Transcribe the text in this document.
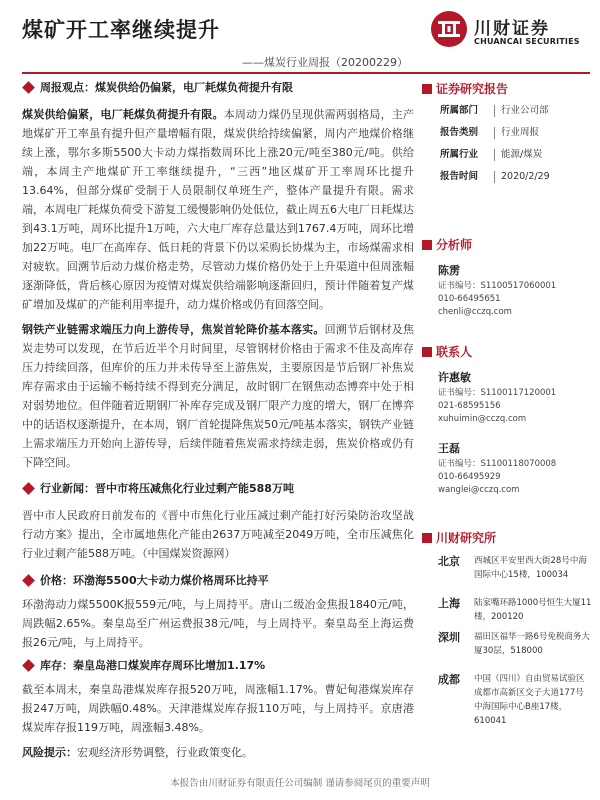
煤矿开工率继续提升
——煤炭行业周报（20200229）
川财证券
CHUANCAI SECURITIES
周报观点：煤炭供给仍偏紧，电厂耗煤负荷提升有限

煤炭供给偏紧，电厂耗煤负荷提升有限。本周动力煤仍呈现供需两弱格局，主产地煤矿开工率虽有提升但产量增幅有限，煤炭供给持续偏紧，周内产地煤价格继续上涨，鄂尔多斯5500大卡动力煤指数周环比上涨20元/吨至380元/吨。供给端，本周主产地煤矿开工率继续提升，“三西”地区煤矿开工率周环比提升13.64%，但部分煤矿受制于人员限制仅单班生产，整体产量提升有限。需求端，本周电厂耗煤负荷受下游复工缓慢影响仍处低位，截止周五6大电厂日耗煤达到43.1万吨，周环比提升1万吨，六大电厂库存总量达到1767.4万吨，周环比增加22万吨。电厂在高库存、低日耗的背景下仍以采购长协煤为主，市场煤需求相对疲软。回溯节后动力煤价格走势，尽管动力煤价格仍处于上升渠道中但周涨幅逐渐降低，背后核心原因为疫情对煤炭供给端影响逐渐回归，预计伴随着复产煤矿增加及煤矿的产能利用率提升，动力煤价格或仍有回落空间。

钢铁产业链需求端压力向上游传导，焦炭首轮降价基本落实。回溯节后钢材及焦炭走势可以发现，在节后近半个月时间里，尽管钢材价格由于需求不佳及高库存压力持续回落，但库价的压力并未传导至上游焦炭，主要原因是节后钢厂补焦炭库存需求由于运输不畅持续不得到充分满足，故时钢厂在钢焦动态博弈中处于相对弱势地位。但伴随着近期钢厂补库存完成及钢厂限产力度的增大，钢厂在博弈中的话语权逐渐提升，在本周，钢厂首轮提降焦炭50元/吨基本落实，钢铁产业链上需求端压力开始向上游传导，后续伴随着焦炭需求持续走弱，焦炭价格或仍有下降空间。

行业新闻：晋中市将压减焦化行业过剩产能588万吨

晋中市人民政府日前发布的《晋中市焦化行业压减过剩产能打好污染防治攻坚战行动方案》提出，全市属地焦化产能由2637万吨减至2049万吨，全市压减焦化行业过剩产能588万吨。（中国煤炭资源网）

价格：环渤海5500大卡动力煤价格周环比持平

环渤海动力煤5500K报559元/吨，与上周持平。唐山二级冶金焦报1840元/吨，周跌幅2.65%。秦皇岛至广州运费报38元/吨，与上周持平。秦皇岛至上海运费报26元/吨，与上周持平。

库存：秦皇岛港口煤炭库存周环比增加1.17%

截至本周末，秦皇岛港煤炭库存报520万吨，周涨幅1.17%。曹妃甸港煤炭库存报247万吨，周跌幅0.48%。天津港煤炭库存报110万吨，与上周持平。京唐港煤炭库存报119万吨，周涨幅3.48%。

风险提示：宏观经济形势调整，行业政策变化。

证券研究报告
所属部门	行业公司部
报告类别	行业周报
所属行业	能源/煤炭
报告时间	2020/2/29
分析师
陈雳
证书编号：S1100517060001
010-66495651
chenli@cczq.com
联系人
许惠敏
证书编号：S1100117120001
021-68595156
xuhuimin@cczq.com
王磊
证书编号：S1100118070008
010-66495929
wanglei@cczq.com
川财研究所
北京 西城区平安里西大街28号中海国际中心15楼，100034
上海 陆家嘴环路1000号恒生大厦11楼，200120
深圳 福田区福华一路6号免税商务大厦30层，518000
成都 中国（四川）自由贸易试验区成都市高新区交子大道177号中海国际中心B座17楼，610041
本报告由川财证券有限责任公司编制 谨请参阅尾页的重要声明
